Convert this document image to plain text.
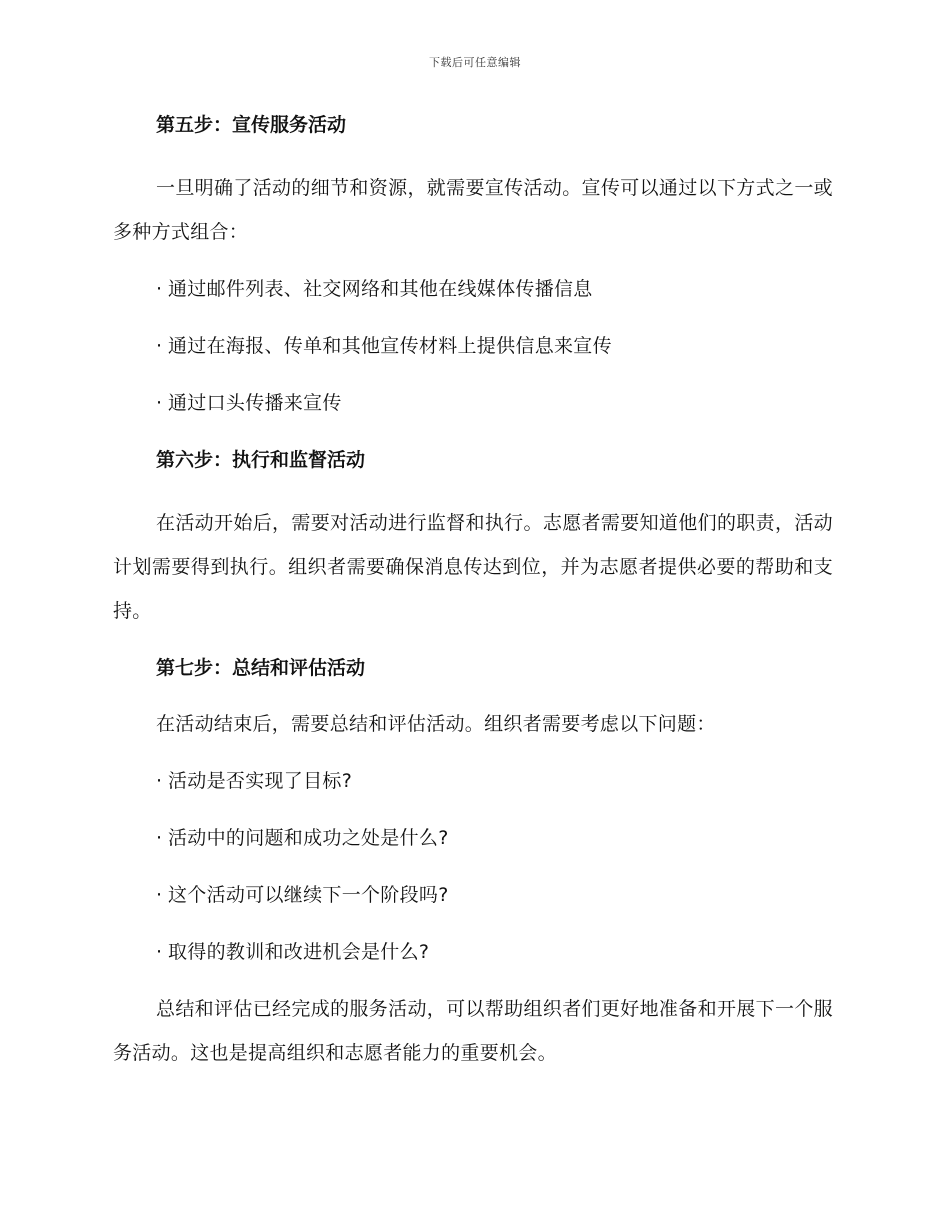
下载后可任意编辑
第五步：宣传服务活动
一旦明确了活动的细节和资源，就需要宣传活动。宣传可以通过以下方式之一或多种方式组合：
· 通过邮件列表、社交网络和其他在线媒体传播信息
· 通过在海报、传单和其他宣传材料上提供信息来宣传
· 通过口头传播来宣传
第六步：执行和监督活动
在活动开始后，需要对活动进行监督和执行。志愿者需要知道他们的职责，活动计划需要得到执行。组织者需要确保消息传达到位，并为志愿者提供必要的帮助和支持。
第七步：总结和评估活动
在活动结束后，需要总结和评估活动。组织者需要考虑以下问题：
· 活动是否实现了目标?
· 活动中的问题和成功之处是什么?
· 这个活动可以继续下一个阶段吗?
· 取得的教训和改进机会是什么?
总结和评估已经完成的服务活动，可以帮助组织者们更好地准备和开展下一个服务活动。这也是提高组织和志愿者能力的重要机会。
